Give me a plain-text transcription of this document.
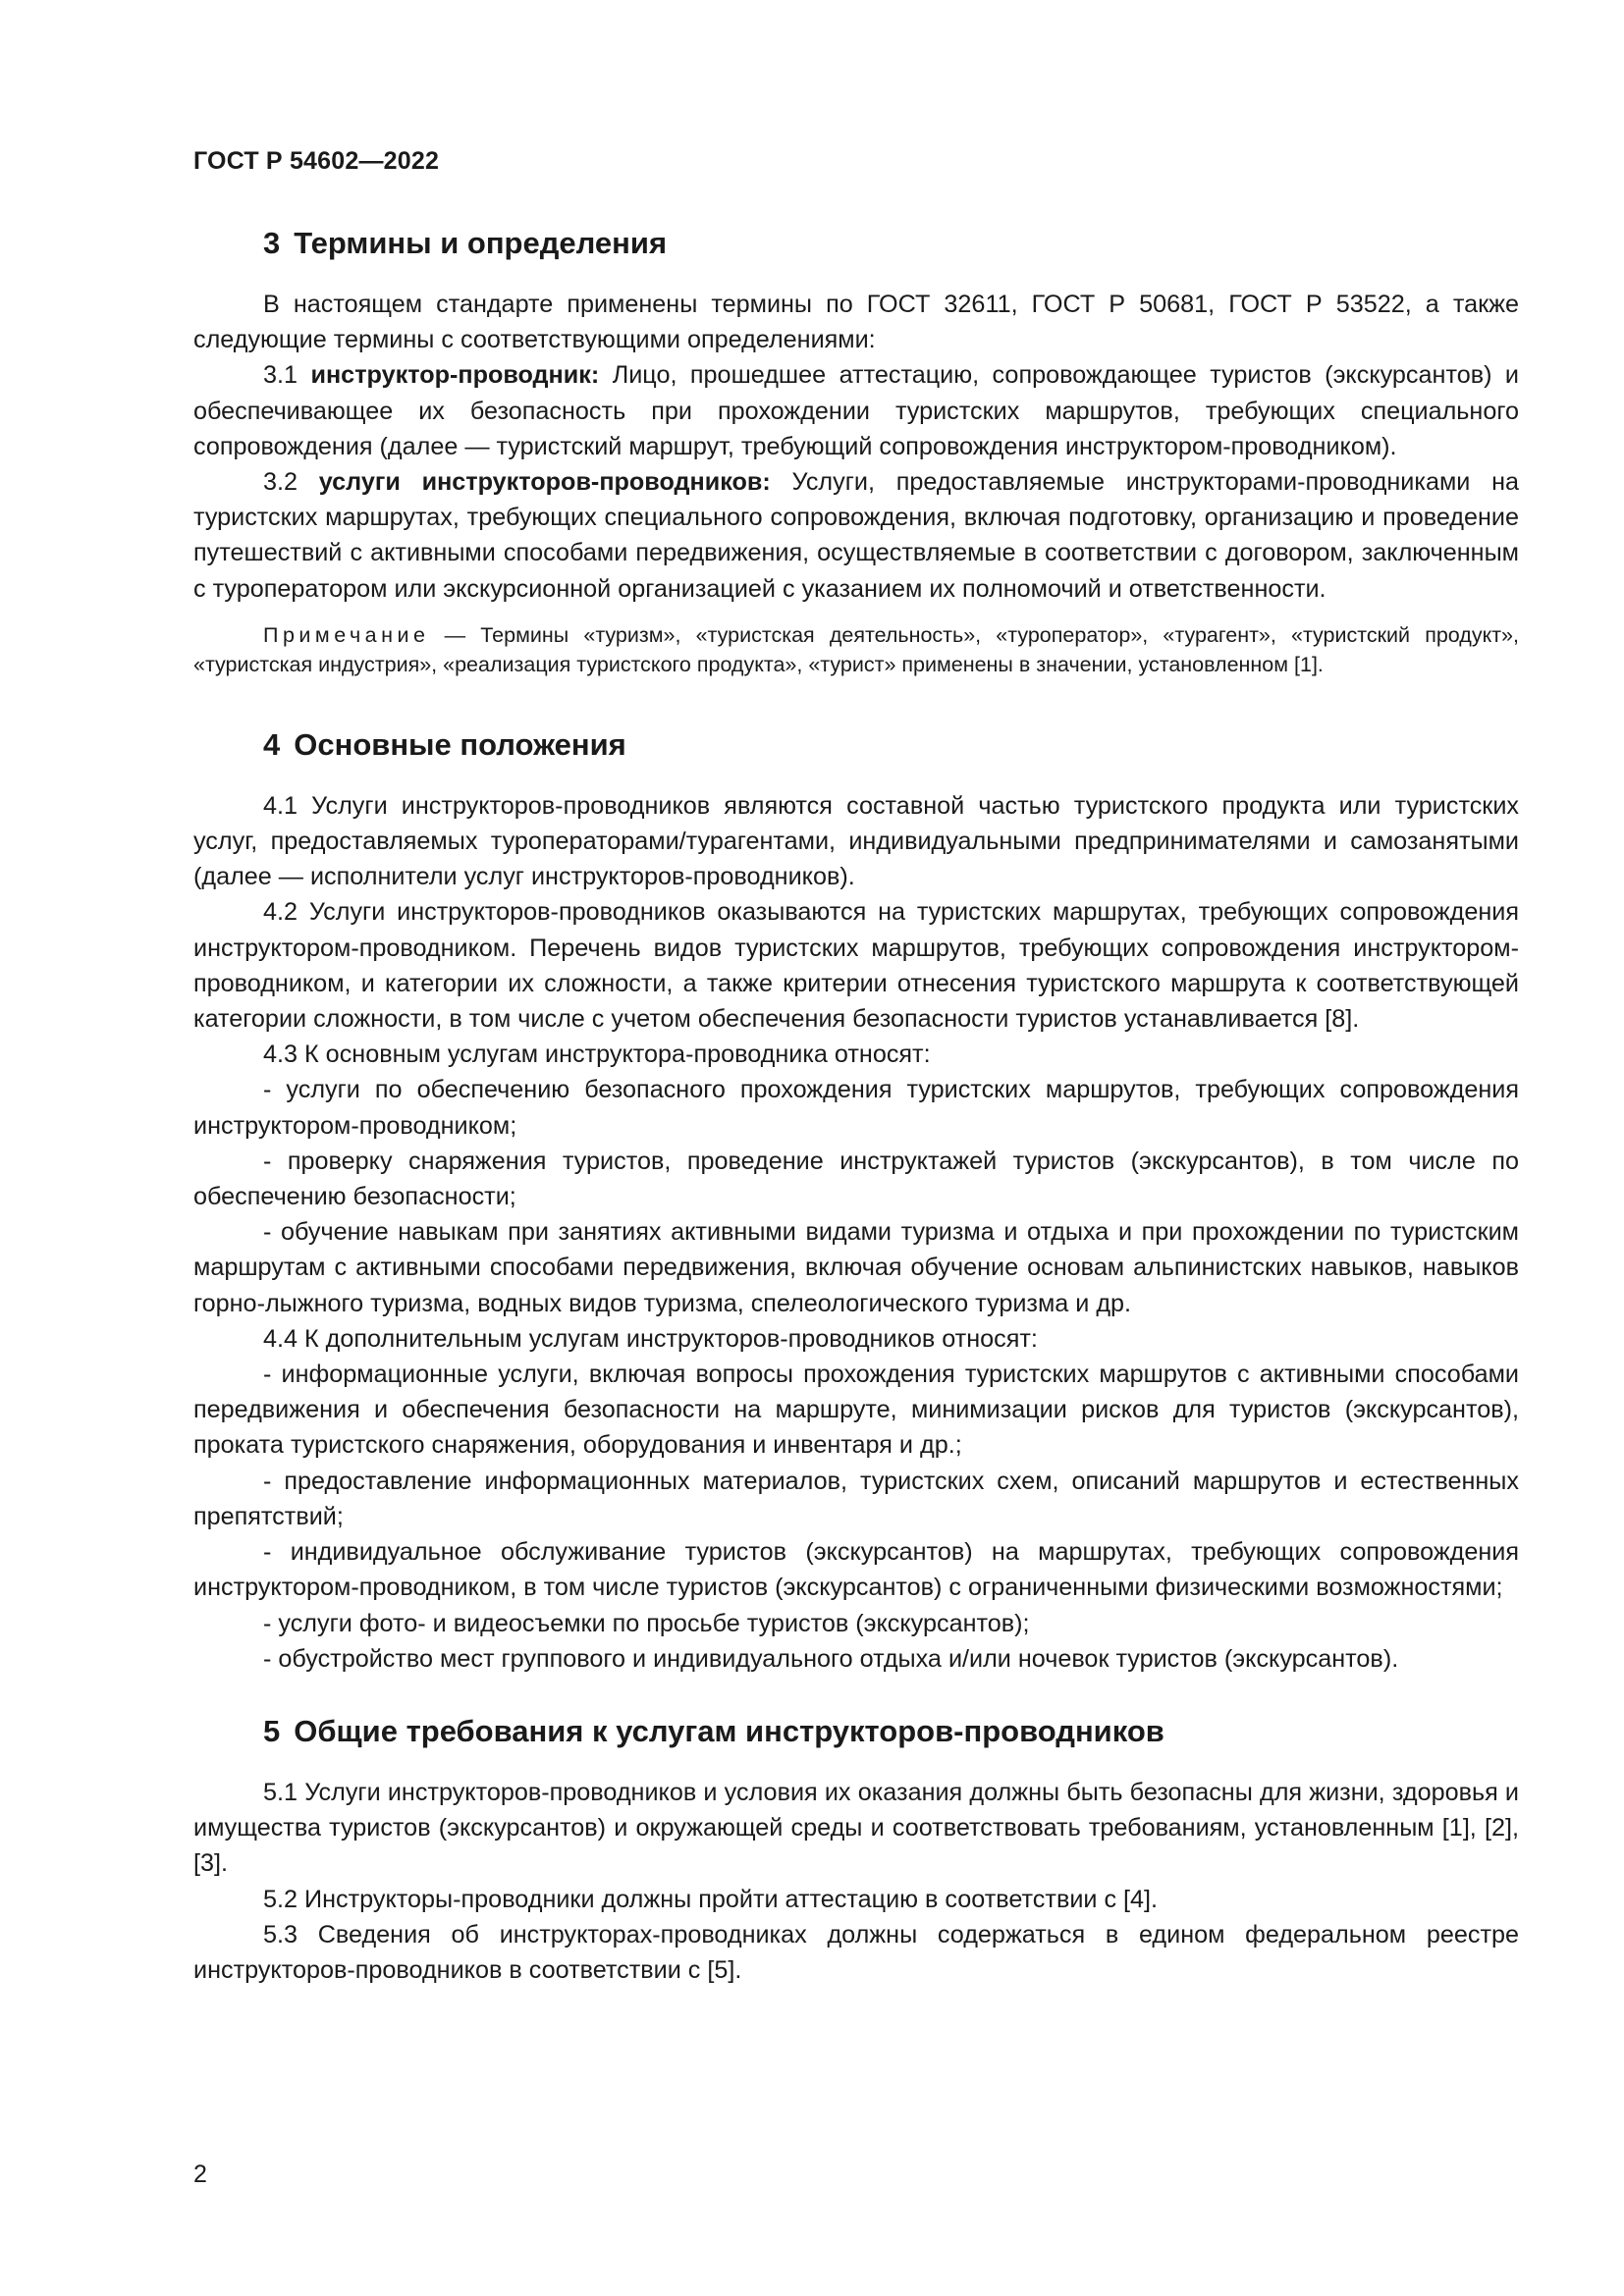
ГОСТ Р 54602—2022
3 Термины и определения

В настоящем стандарте применены термины по ГОСТ 32611, ГОСТ Р 50681, ГОСТ Р 53522, а также следующие термины с соответствующими определениями:

3.1 инструктор-проводник: Лицо, прошедшее аттестацию, сопровождающее туристов (экскурсантов) и обеспечивающее их безопасность при прохождении туристских маршрутов, требующих специального сопровождения (далее — туристский маршрут, требующий сопровождения инструктором-проводником).

3.2 услуги инструкторов-проводников: Услуги, предоставляемые инструкторами-проводниками на туристских маршрутах, требующих специального сопровождения, включая подготовку, организацию и проведение путешествий с активными способами передвижения, осуществляемые в соответствии с договором, заключенным с туроператором или экскурсионной организацией с указанием их полномочий и ответственности.

Примечание — Термины «туризм», «туристская деятельность», «туроператор», «турагент», «туристский продукт», «туристская индустрия», «реализация туристского продукта», «турист» применены в значении, установленном [1].

4 Основные положения

4.1 Услуги инструкторов-проводников являются составной частью туристского продукта или туристских услуг, предоставляемых туроператорами/турагентами, индивидуальными предпринимателями и самозанятыми (далее — исполнители услуг инструкторов-проводников).

4.2 Услуги инструкторов-проводников оказываются на туристских маршрутах, требующих сопровождения инструктором-проводником. Перечень видов туристских маршрутов, требующих сопровождения инструктором-проводником, и категории их сложности, а также критерии отнесения туристского маршрута к соответствующей категории сложности, в том числе с учетом обеспечения безопасности туристов устанавливается [8].

4.3 К основным услугам инструктора-проводника относят:

- услуги по обеспечению безопасного прохождения туристских маршрутов, требующих сопровождения инструктором-проводником;

- проверку снаряжения туристов, проведение инструктажей туристов (экскурсантов), в том числе по обеспечению безопасности;

- обучение навыкам при занятиях активными видами туризма и отдыха и при прохождении по туристским маршрутам с активными способами передвижения, включая обучение основам альпинистских навыков, навыков горно-лыжного туризма, водных видов туризма, спелеологического туризма и др.

4.4 К дополнительным услугам инструкторов-проводников относят:

- информационные услуги, включая вопросы прохождения туристских маршрутов с активными способами передвижения и обеспечения безопасности на маршруте, минимизации рисков для туристов (экскурсантов), проката туристского снаряжения, оборудования и инвентаря и др.;

- предоставление информационных материалов, туристских схем, описаний маршрутов и естественных препятствий;

- индивидуальное обслуживание туристов (экскурсантов) на маршрутах, требующих сопровождения инструктором-проводником, в том числе туристов (экскурсантов) с ограниченными физическими возможностями;

- услуги фото- и видеосъемки по просьбе туристов (экскурсантов);

- обустройство мест группового и индивидуального отдыха и/или ночевок туристов (экскурсантов).

5 Общие требования к услугам инструкторов-проводников

5.1 Услуги инструкторов-проводников и условия их оказания должны быть безопасны для жизни, здоровья и имущества туристов (экскурсантов) и окружающей среды и соответствовать требованиям, установленным [1], [2], [3].

5.2 Инструкторы-проводники должны пройти аттестацию в соответствии с [4].

5.3 Сведения об инструкторах-проводниках должны содержаться в едином федеральном реестре инструкторов-проводников в соответствии с [5].

2
